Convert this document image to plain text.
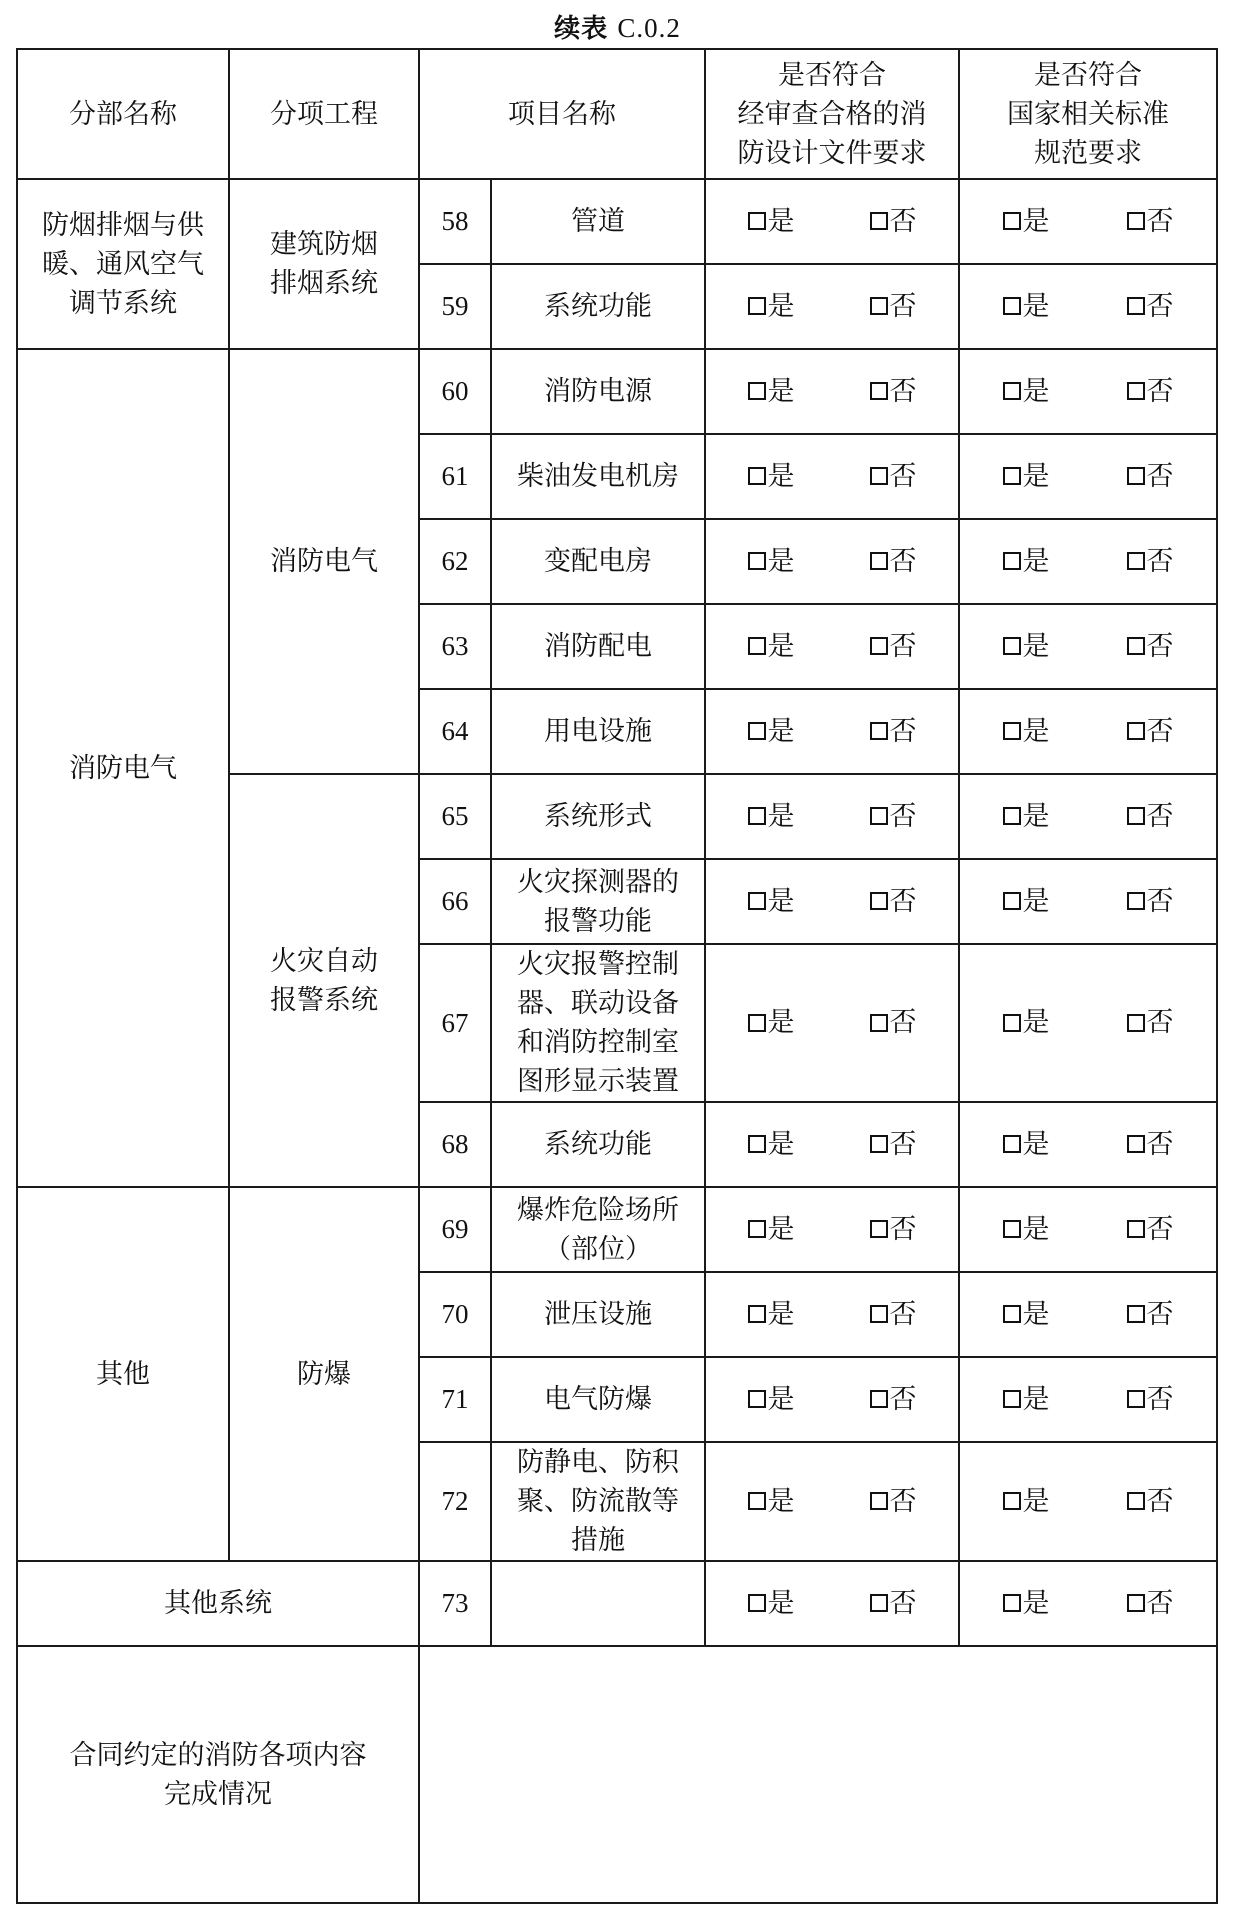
续表 C.0.2
分部名称	分项工程	项目名称		是否符合
经审查合格的消
防设计文件要求	是否符合
国家相关标准
规范要求

防烟排烟与供
暖、通风空气
调节系统	建筑防烟
排烟系统	58	管道	是 否	是 否

		59	系统功能	是 否	是 否

消防电气	消防电气	60	消防电源	是 否	是 否

		61	柴油发电机房	是 否	是 否

		62	变配电房	是 否	是 否

		63	消防配电	是 否	是 否

		64	用电设施	是 否	是 否

	火灾自动
报警系统	65	系统形式	是 否	是 否

		66	火灾探测器的
报警功能	是 否	是 否

		67	火灾报警控制
器、联动设备
和消防控制室
图形显示装置	是 否	是 否

		68	系统功能	是 否	是 否

其他	防爆	69	爆炸危险场所
（部位）	是 否	是 否

		70	泄压设施	是 否	是 否

		71	电气防爆	是 否	是 否

		72	防静电、防积
聚、防流散等
措施	是 否	是 否

其他系统		73		是 否	是 否

合同约定的消防各项内容
完成情况					
